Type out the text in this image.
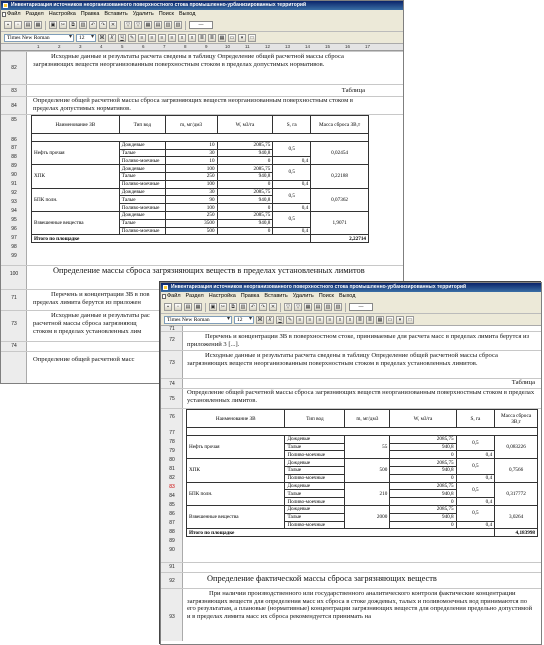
Инвентаризация источников неорганизованного поверхностного стока промышленно-урбанизированных территорий
Файл Раздел Настройка Правка Вставить Удалить Поиск Выход
▪	▫	▤	▦	▣	✂	⧉	▥	↶	↷	✕	▽	▽	▦	▤	▥	▧	—
Times New Roman ▾	12 ▾	Ж	К	Ч	✎	≡	≡	≡	≡	x	x	≣	≣	▦	▭	▾	□
1	2	3	4	5	6	7	8	9	10	11	12	13	14	15	16	17
82
Исходные данные и результаты расчета сведены в таблицу Определение общей расчетной массы сброса загрязняющих веществ неорганизованным поверхностным стоком в пределах допустимых нормативов.
83	Таблица
84
Определение общей расчетной массы сброса загрязняющих веществ неорганизованным поверхностным стоком в пределах допустимых нормативов.
85
Наименование ЗВ	Тип вод	m, мг/дм3	W, м3/га	S, га	Масса сброса ЗВ,т

Нефть прочая	Дождевые	10	2085,75	0,5	0,02454
	Талые	30	940,8		
	Поливо-моечные	10	0	0,4	
ХПК	Дождевые	100	2085,75	0,5	0,22188
	Талые	250	940,8		
	Поливо-моечные	100	0	0,4	
БПК полн.	Дождевые	30	2085,75	0,5	0,07362
	Талые	90	940,8		
	Поливо-моечные	100	0	0,4	
Взвешенные вещества	Дождевые	250	2085,75	0,5	1,9071
	Талые	3500	940,8		
	Поливо-моечные	500	0	0,4	
Итого по площадке					2,22714
86
87
88
89
90
91
92
93
94
95
96
97
98
99
100	Определение массы сброса загрязняющих веществ в пределах установленных лимитов
71	Перечень и концентрации ЗВ в пов
пределах лимита берутся из приложен
73
Исходные данные и результаты рас
расчетной массы сброса загрязняющ
стоком в пределах установленных лим
74
Определение общей расчетной масс
Инвентаризация источников неорганизованного поверхностного стока промышленно-урбанизированных территорий
Файл Раздел Настройка Правка Вставить Удалить Поиск Выход
▪	▫	▤	▦	▣	✂	⧉	▥	↶	↷	✕	▽	▽	▦	▤	▥	▧	—
Times New Roman ▾	12 ▾	Ж	К	Ч	✎	≡	≡	≡	≡	x	x	≣	≣	▦	▭	▾	□
71
72	Перечень и концентрации ЗВ в поверхностном стоке, принимаемые для расчета масс в пределах лимита берутся из приложений 3 [...].
73
Исходные данные и результаты расчета сведены в таблицу Определение общей расчетной массы сброса загрязняющих веществ неорганизованным поверхностным стоком в пределах установленных лимитов.
74	Таблица
75
Определение общей расчетной массы сброса загрязняющих веществ неорганизованным поверхностным стоком в пределах установленных лимитов.
76	Наименование ЗВ	Тип вод	m, мг/дм3	W, м3/га	S, га	Масса сброса ЗВ,т

Нефть прочая	Дождевые	55	2085,75	0,5	0,083226
	Талые		940,8		
	Поливо-моечные		0	0,4	
ХПК	Дождевые	500	2085,75	0,5	0,7566
	Талые		940,8		
	Поливо-моечные		0	0,4	
БПК полн.	Дождевые	210	2085,75	0,5	0,317772
	Талые		940,8		
	Поливо-моечные		0	0,4	
Взвешенные вещества	Дождевые	2000	2085,75	0,5	3,0264
	Талые		940,8		
	Поливо-моечные		0	0,4	
Итого по площадке					4,183998
77
78
79
80
81
82
83
84
85
86
87
88
89
90
91
92	Определение фактической массы сброса загрязняющих веществ
93
При наличии производственного или государственного аналитического контроля фактические концентрации загрязняющих веществ для определения масс их сброса в стоке дождевых, талых и поливомоечных вод принимаются по его результатам, а плановые (нормативные) концентрации загрязняющих веществ для определения предельно допустимой и в пределах лимита масс их сброса рекомендуется принимать на
